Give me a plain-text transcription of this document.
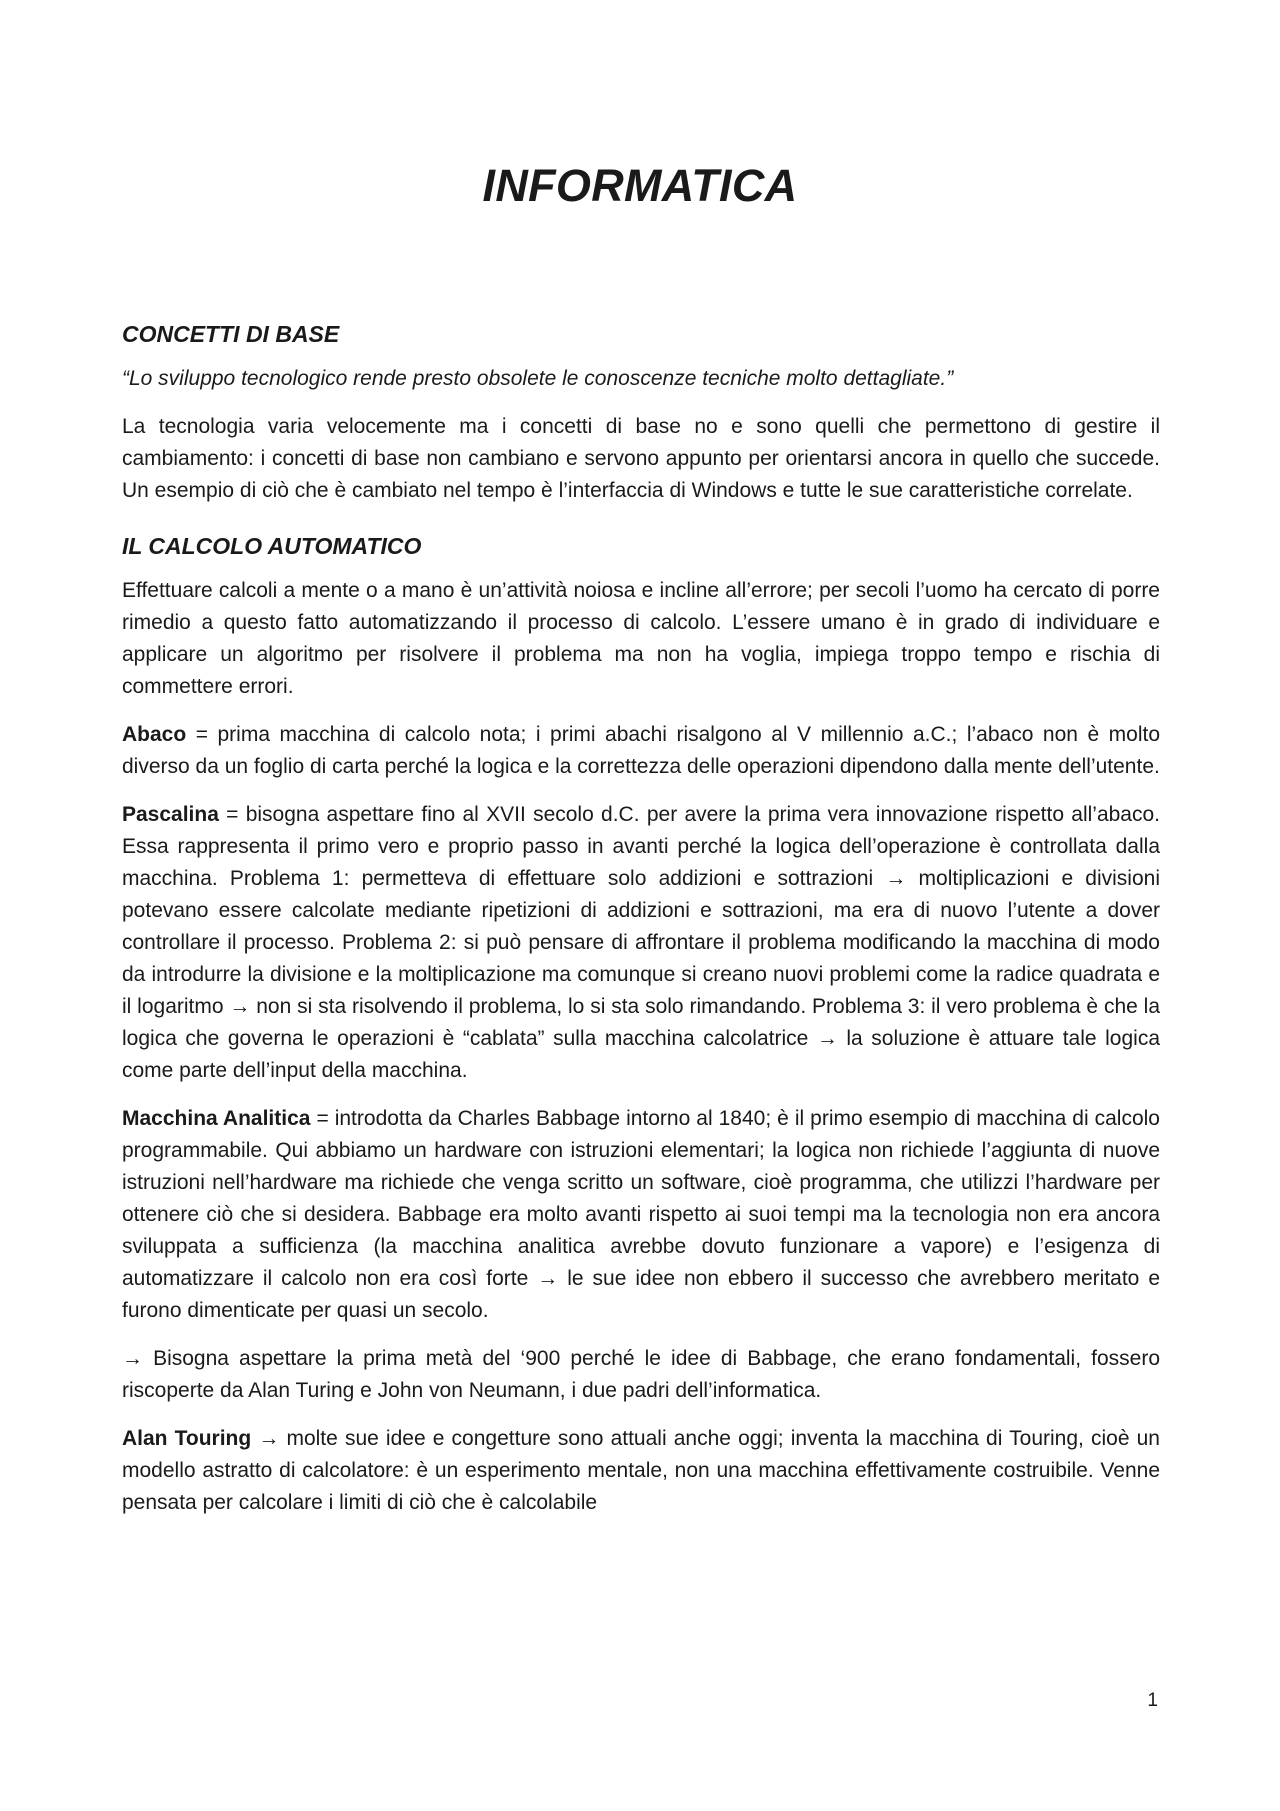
INFORMATICA
CONCETTI DI BASE

“Lo sviluppo tecnologico rende presto obsolete le conoscenze tecniche molto dettagliate.”

La tecnologia varia velocemente ma i concetti di base no e sono quelli che permettono di gestire il cambiamento: i concetti di base non cambiano e servono appunto per orientarsi ancora in quello che succede. Un esempio di ciò che è cambiato nel tempo è l’interfaccia di Windows e tutte le sue caratteristiche correlate.

IL CALCOLO AUTOMATICO

Effettuare calcoli a mente o a mano è un’attività noiosa e incline all’errore; per secoli l’uomo ha cercato di porre rimedio a questo fatto automatizzando il processo di calcolo. L’essere umano è in grado di individuare e applicare un algoritmo per risolvere il problema ma non ha voglia, impiega troppo tempo e rischia di commettere errori.

Abaco = prima macchina di calcolo nota; i primi abachi risalgono al V millennio a.C.; l’abaco non è molto diverso da un foglio di carta perché la logica e la correttezza delle operazioni dipendono dalla mente dell’utente.

Pascalina = bisogna aspettare fino al XVII secolo d.C. per avere la prima vera innovazione rispetto all’abaco. Essa rappresenta il primo vero e proprio passo in avanti perché la logica dell’operazione è controllata dalla macchina. Problema 1: permetteva di effettuare solo addizioni e sottrazioni → moltiplicazioni e divisioni potevano essere calcolate mediante ripetizioni di addizioni e sottrazioni, ma era di nuovo l’utente a dover controllare il processo. Problema 2: si può pensare di affrontare il problema modificando la macchina di modo da introdurre la divisione e la moltiplicazione ma comunque si creano nuovi problemi come la radice quadrata e il logaritmo → non si sta risolvendo il problema, lo si sta solo rimandando. Problema 3: il vero problema è che la logica che governa le operazioni è “cablata” sulla macchina calcolatrice → la soluzione è attuare tale logica come parte dell’input della macchina.

Macchina Analitica = introdotta da Charles Babbage intorno al 1840; è il primo esempio di macchina di calcolo programmabile. Qui abbiamo un hardware con istruzioni elementari; la logica non richiede l’aggiunta di nuove istruzioni nell’hardware ma richiede che venga scritto un software, cioè programma, che utilizzi l’hardware per ottenere ciò che si desidera. Babbage era molto avanti rispetto ai suoi tempi ma la tecnologia non era ancora sviluppata a sufficienza (la macchina analitica avrebbe dovuto funzionare a vapore) e l’esigenza di automatizzare il calcolo non era così forte → le sue idee non ebbero il successo che avrebbero meritato e furono dimenticate per quasi un secolo.

→ Bisogna aspettare la prima metà del ‘900 perché le idee di Babbage, che erano fondamentali, fossero riscoperte da Alan Turing e John von Neumann, i due padri dell’informatica.

Alan Touring → molte sue idee e congetture sono attuali anche oggi; inventa la macchina di Touring, cioè un modello astratto di calcolatore: è un esperimento mentale, non una macchina effettivamente costruibile. Venne pensata per calcolare i limiti di ciò che è calcolabile

1
